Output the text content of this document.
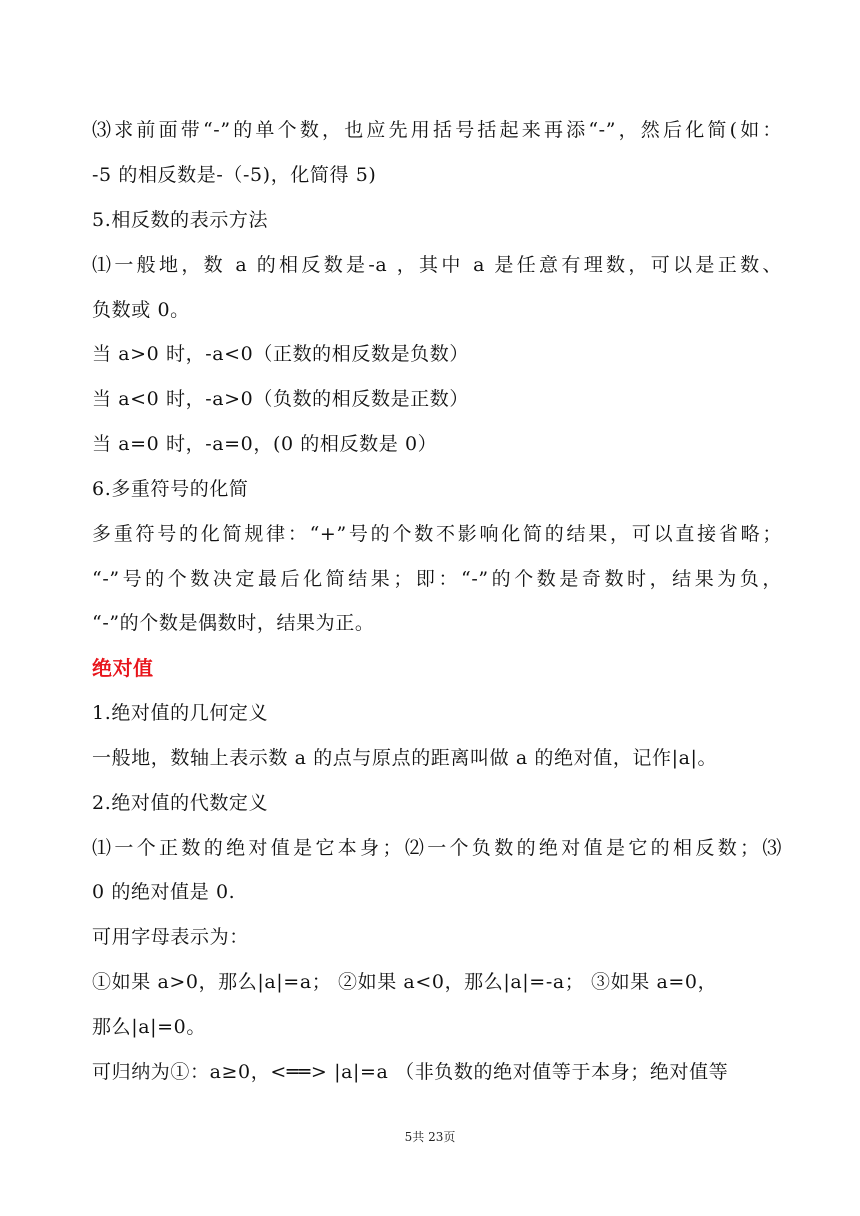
⑶求前面带“-”的单个数，也应先用括号括起来再添“-”，然后化简(如：
-5 的相反数是-（-5)，化简得 5)
5.相反数的表示方法
⑴一般地，数 a 的相反数是-a ，其中 a 是任意有理数，可以是正数、
负数或 0。
当 a>0 时，-a<0（正数的相反数是负数）
当 a<0 时，-a>0（负数的相反数是正数）
当 a=0 时，-a=0，(0 的相反数是 0）
6.多重符号的化简
多重符号的化简规律：“+”号的个数不影响化简的结果，可以直接省略；
“-”号的个数决定最后化简结果；即：“-”的个数是奇数时，结果为负，
“-”的个数是偶数时，结果为正。
绝对值
1.绝对值的几何定义
一般地，数轴上表示数 a 的点与原点的距离叫做 a 的绝对值，记作|a|。
2.绝对值的代数定义
⑴一个正数的绝对值是它本身；⑵一个负数的绝对值是它的相反数；⑶
0 的绝对值是 0.
可用字母表示为：
①如果 a>0，那么|a|=a； ②如果 a<0，那么|a|=-a； ③如果 a=0，
那么|a|=0。
可归纳为①：a≥0，<══> |a|=a （非负数的绝对值等于本身；绝对值等
5共 23页
